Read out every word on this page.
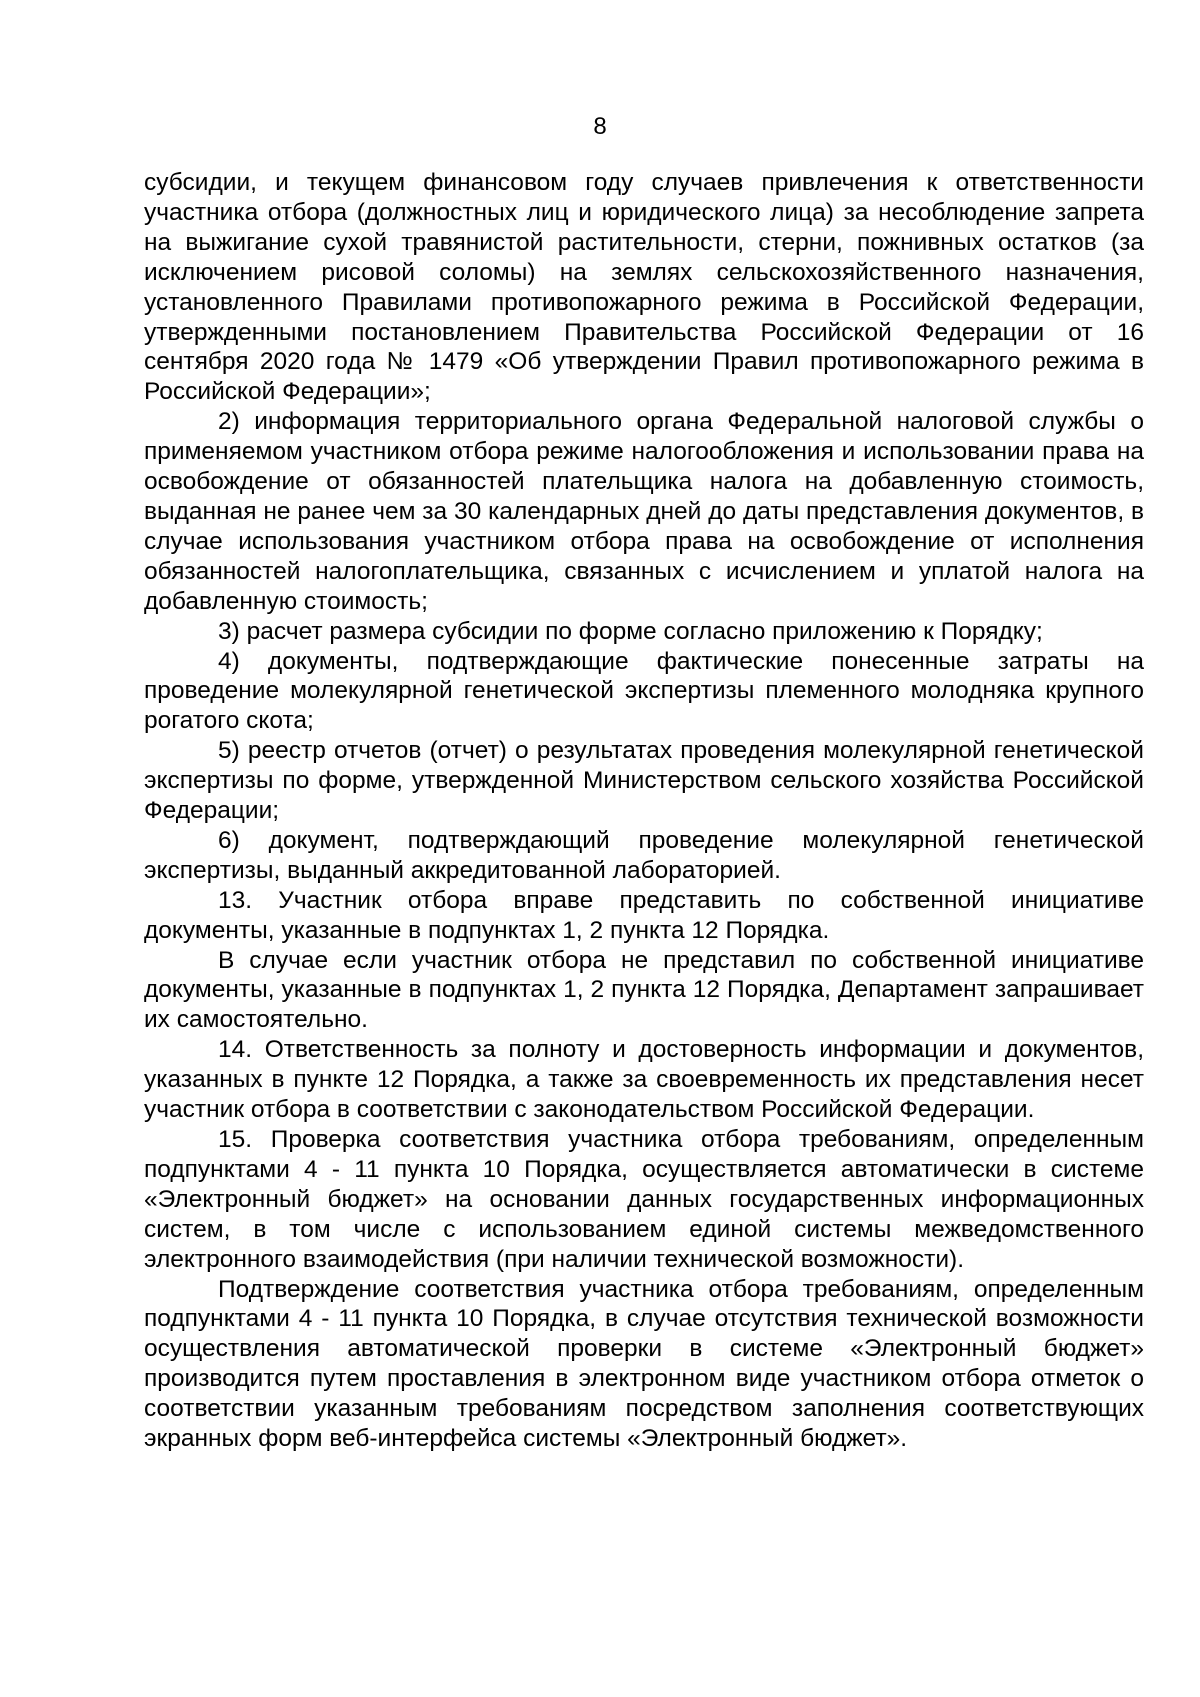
8

субсидии, и текущем финансовом году случаев привлечения к ответственности участника отбора (должностных лиц и юридического лица) за несоблюдение запрета на выжигание сухой травянистой растительности, стерни, пожнивных остатков (за исключением рисовой соломы) на землях сельскохозяйственного назначения, установленного Правилами противопожарного режима в Российской Федерации, утвержденными постановлением Правительства Российской Федерации от 16 сентября 2020 года № 1479 «Об утверждении Правил противопожарного режима в Российской Федерации»;

2) информация территориального органа Федеральной налоговой службы о применяемом участником отбора режиме налогообложения и использовании права на освобождение от обязанностей плательщика налога на добавленную стоимость, выданная не ранее чем за 30 календарных дней до даты представления документов, в случае использования участником отбора права на освобождение от исполнения обязанностей налогоплательщика, связанных с исчислением и уплатой налога на добавленную стоимость;

3) расчет размера субсидии по форме согласно приложению к Порядку;

4) документы, подтверждающие фактические понесенные затраты на проведение молекулярной генетической экспертизы племенного молодняка крупного рогатого скота;

5) реестр отчетов (отчет) о результатах проведения молекулярной генетической экспертизы по форме, утвержденной Министерством сельского хозяйства Российской Федерации;

6) документ, подтверждающий проведение молекулярной генетической экспертизы, выданный аккредитованной лабораторией.

13. Участник отбора вправе представить по собственной инициативе документы, указанные в подпунктах 1, 2 пункта 12 Порядка.

В случае если участник отбора не представил по собственной инициативе документы, указанные в подпунктах 1, 2 пункта 12 Порядка, Департамент запрашивает их самостоятельно.

14. Ответственность за полноту и достоверность информации и документов, указанных в пункте 12 Порядка, а также за своевременность их представления несет участник отбора в соответствии с законодательством Российской Федерации.

15. Проверка соответствия участника отбора требованиям, определенным подпунктами 4 - 11 пункта 10 Порядка, осуществляется автоматически в системе «Электронный бюджет» на основании данных государственных информационных систем, в том числе с использованием единой системы межведомственного электронного взаимодействия (при наличии технической возможности).

Подтверждение соответствия участника отбора требованиям, определенным подпунктами 4 - 11 пункта 10 Порядка, в случае отсутствия технической возможности осуществления автоматической проверки в системе «Электронный бюджет» производится путем проставления в электронном виде участником отбора отметок о соответствии указанным требованиям посредством заполнения соответствующих экранных форм веб-интерфейса системы «Электронный бюджет».
